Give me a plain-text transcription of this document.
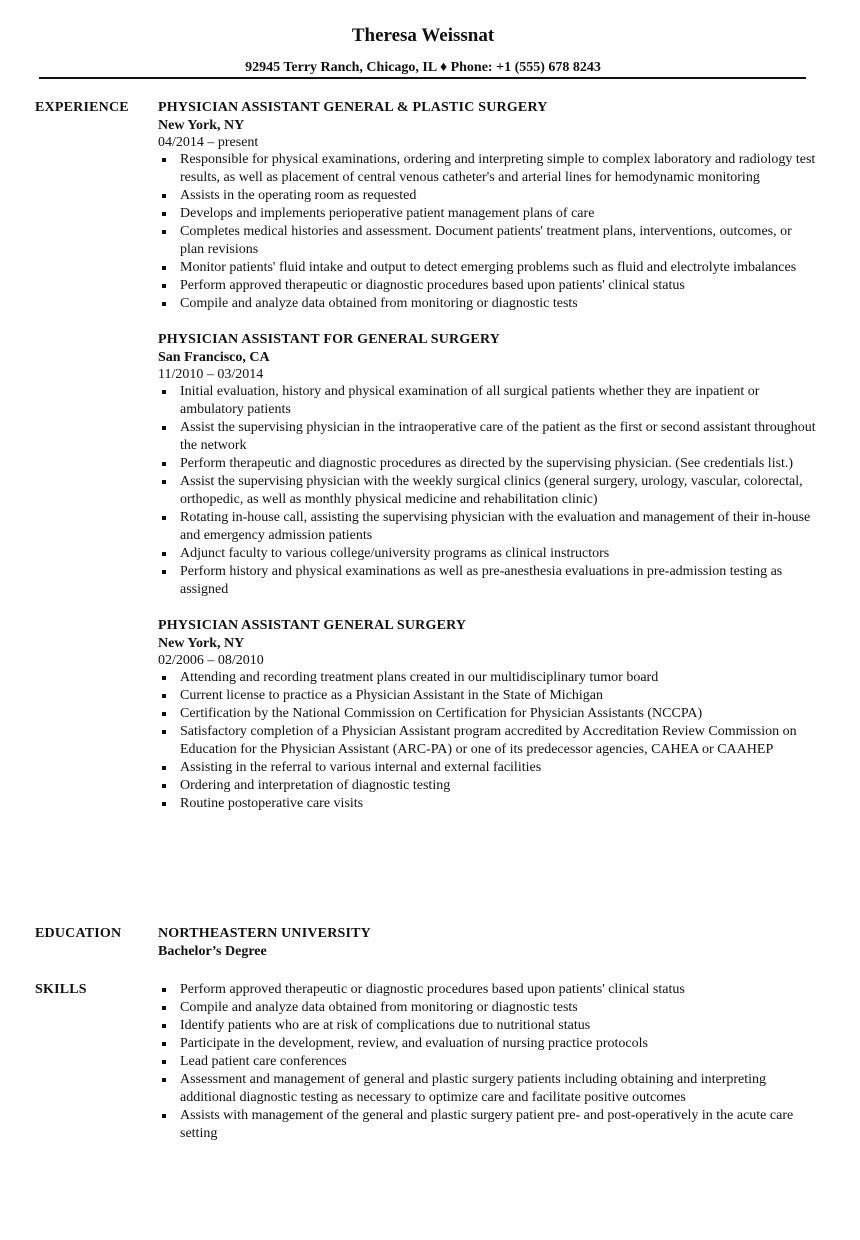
Theresa Weissnat
92945 Terry Ranch, Chicago, IL ♦ Phone: +1 (555) 678 8243
EXPERIENCE PHYSICIAN ASSISTANT GENERAL & PLASTIC SURGERY
New York, NY
04/2014 – present
Responsible for physical examinations, ordering and interpreting simple to complex laboratory and radiology test results, as well as placement of central venous catheter's and arterial lines for hemodynamic monitoring
Assists in the operating room as requested
Develops and implements perioperative patient management plans of care
Completes medical histories and assessment. Document patients' treatment plans, interventions, outcomes, or plan revisions
Monitor patients' fluid intake and output to detect emerging problems such as fluid and electrolyte imbalances
Perform approved therapeutic or diagnostic procedures based upon patients' clinical status
Compile and analyze data obtained from monitoring or diagnostic tests
PHYSICIAN ASSISTANT FOR GENERAL SURGERY
San Francisco, CA
11/2010 – 03/2014
Initial evaluation, history and physical examination of all surgical patients whether they are inpatient or ambulatory patients
Assist the supervising physician in the intraoperative care of the patient as the first or second assistant throughout the network
Perform therapeutic and diagnostic procedures as directed by the supervising physician. (See credentials list.)
Assist the supervising physician with the weekly surgical clinics (general surgery, urology, vascular, colorectal, orthopedic, as well as monthly physical medicine and rehabilitation clinic)
Rotating in-house call, assisting the supervising physician with the evaluation and management of their in-house and emergency admission patients
Adjunct faculty to various college/university programs as clinical instructors
Perform history and physical examinations as well as pre-anesthesia evaluations in pre-admission testing as assigned
PHYSICIAN ASSISTANT GENERAL SURGERY
New York, NY
02/2006 – 08/2010
Attending and recording treatment plans created in our multidisciplinary tumor board
Current license to practice as a Physician Assistant in the State of Michigan
Certification by the National Commission on Certification for Physician Assistants (NCCPA)
Satisfactory completion of a Physician Assistant program accredited by Accreditation Review Commission on Education for the Physician Assistant (ARC-PA) or one of its predecessor agencies, CAHEA or CAAHEP
Assisting in the referral to various internal and external facilities
Ordering and interpretation of diagnostic testing
Routine postoperative care visits
EDUCATION	NORTHEASTERN UNIVERSITY
Bachelor’s Degree
SKILLS	Perform approved therapeutic or diagnostic procedures based upon patients' clinical status
Compile and analyze data obtained from monitoring or diagnostic tests
Identify patients who are at risk of complications due to nutritional status
Participate in the development, review, and evaluation of nursing practice protocols
Lead patient care conferences
Assessment and management of general and plastic surgery patients including obtaining and interpreting additional diagnostic testing as necessary to optimize care and facilitate positive outcomes
Assists with management of the general and plastic surgery patient pre- and post-operatively in the acute care setting
